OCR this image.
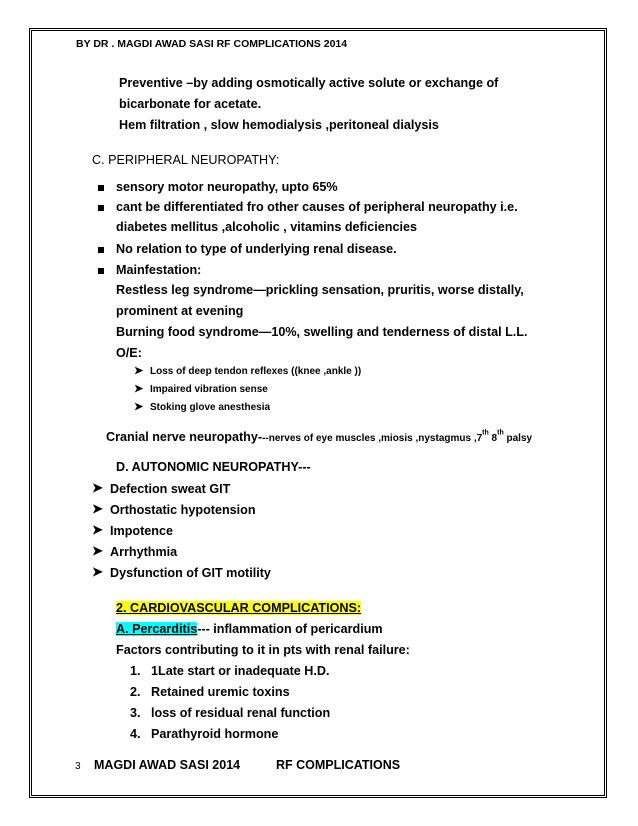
BY DR . MAGDI AWAD SASI RF COMPLICATIONS 2014
Preventive –by adding osmotically active solute or exchange of
bicarbonate for acetate.
Hem filtration , slow hemodialysis ,peritoneal dialysis
C. PERIPHERAL NEUROPATHY:
sensory motor neuropathy, upto 65%
cant be differentiated fro other causes of peripheral neuropathy i.e.
diabetes mellitus ,alcoholic , vitamins deficiencies
No relation to type of underlying renal disease.
Mainfestation:
Restless leg syndrome—prickling sensation, pruritis, worse distally,
prominent at evening
Burning food syndrome—10%, swelling and tenderness of distal L.L.
O/E:
➤ Loss of deep tendon reflexes ((knee ,ankle ))
➤ Impaired vibration sense
➤ Stoking glove anesthesia
Cranial nerve neuropathy---nerves of eye muscles ,miosis ,nystagmus ,7th 8th palsy
D. AUTONOMIC NEUROPATHY---
➤ Defection sweat GIT
➤ Orthostatic hypotension
➤ Impotence
➤ Arrhythmia
➤ Dysfunction of GIT motility
2. CARDIOVASCULAR COMPLICATIONS:
A. Percarditis--- inflammation of pericardium
Factors contributing to it in pts with renal failure:
1. 1Late start or inadequate H.D.
2. Retained uremic toxins
3. loss of residual renal function
4. Parathyroid hormone
3 MAGDI AWAD SASI 2014	RF COMPLICATIONS
